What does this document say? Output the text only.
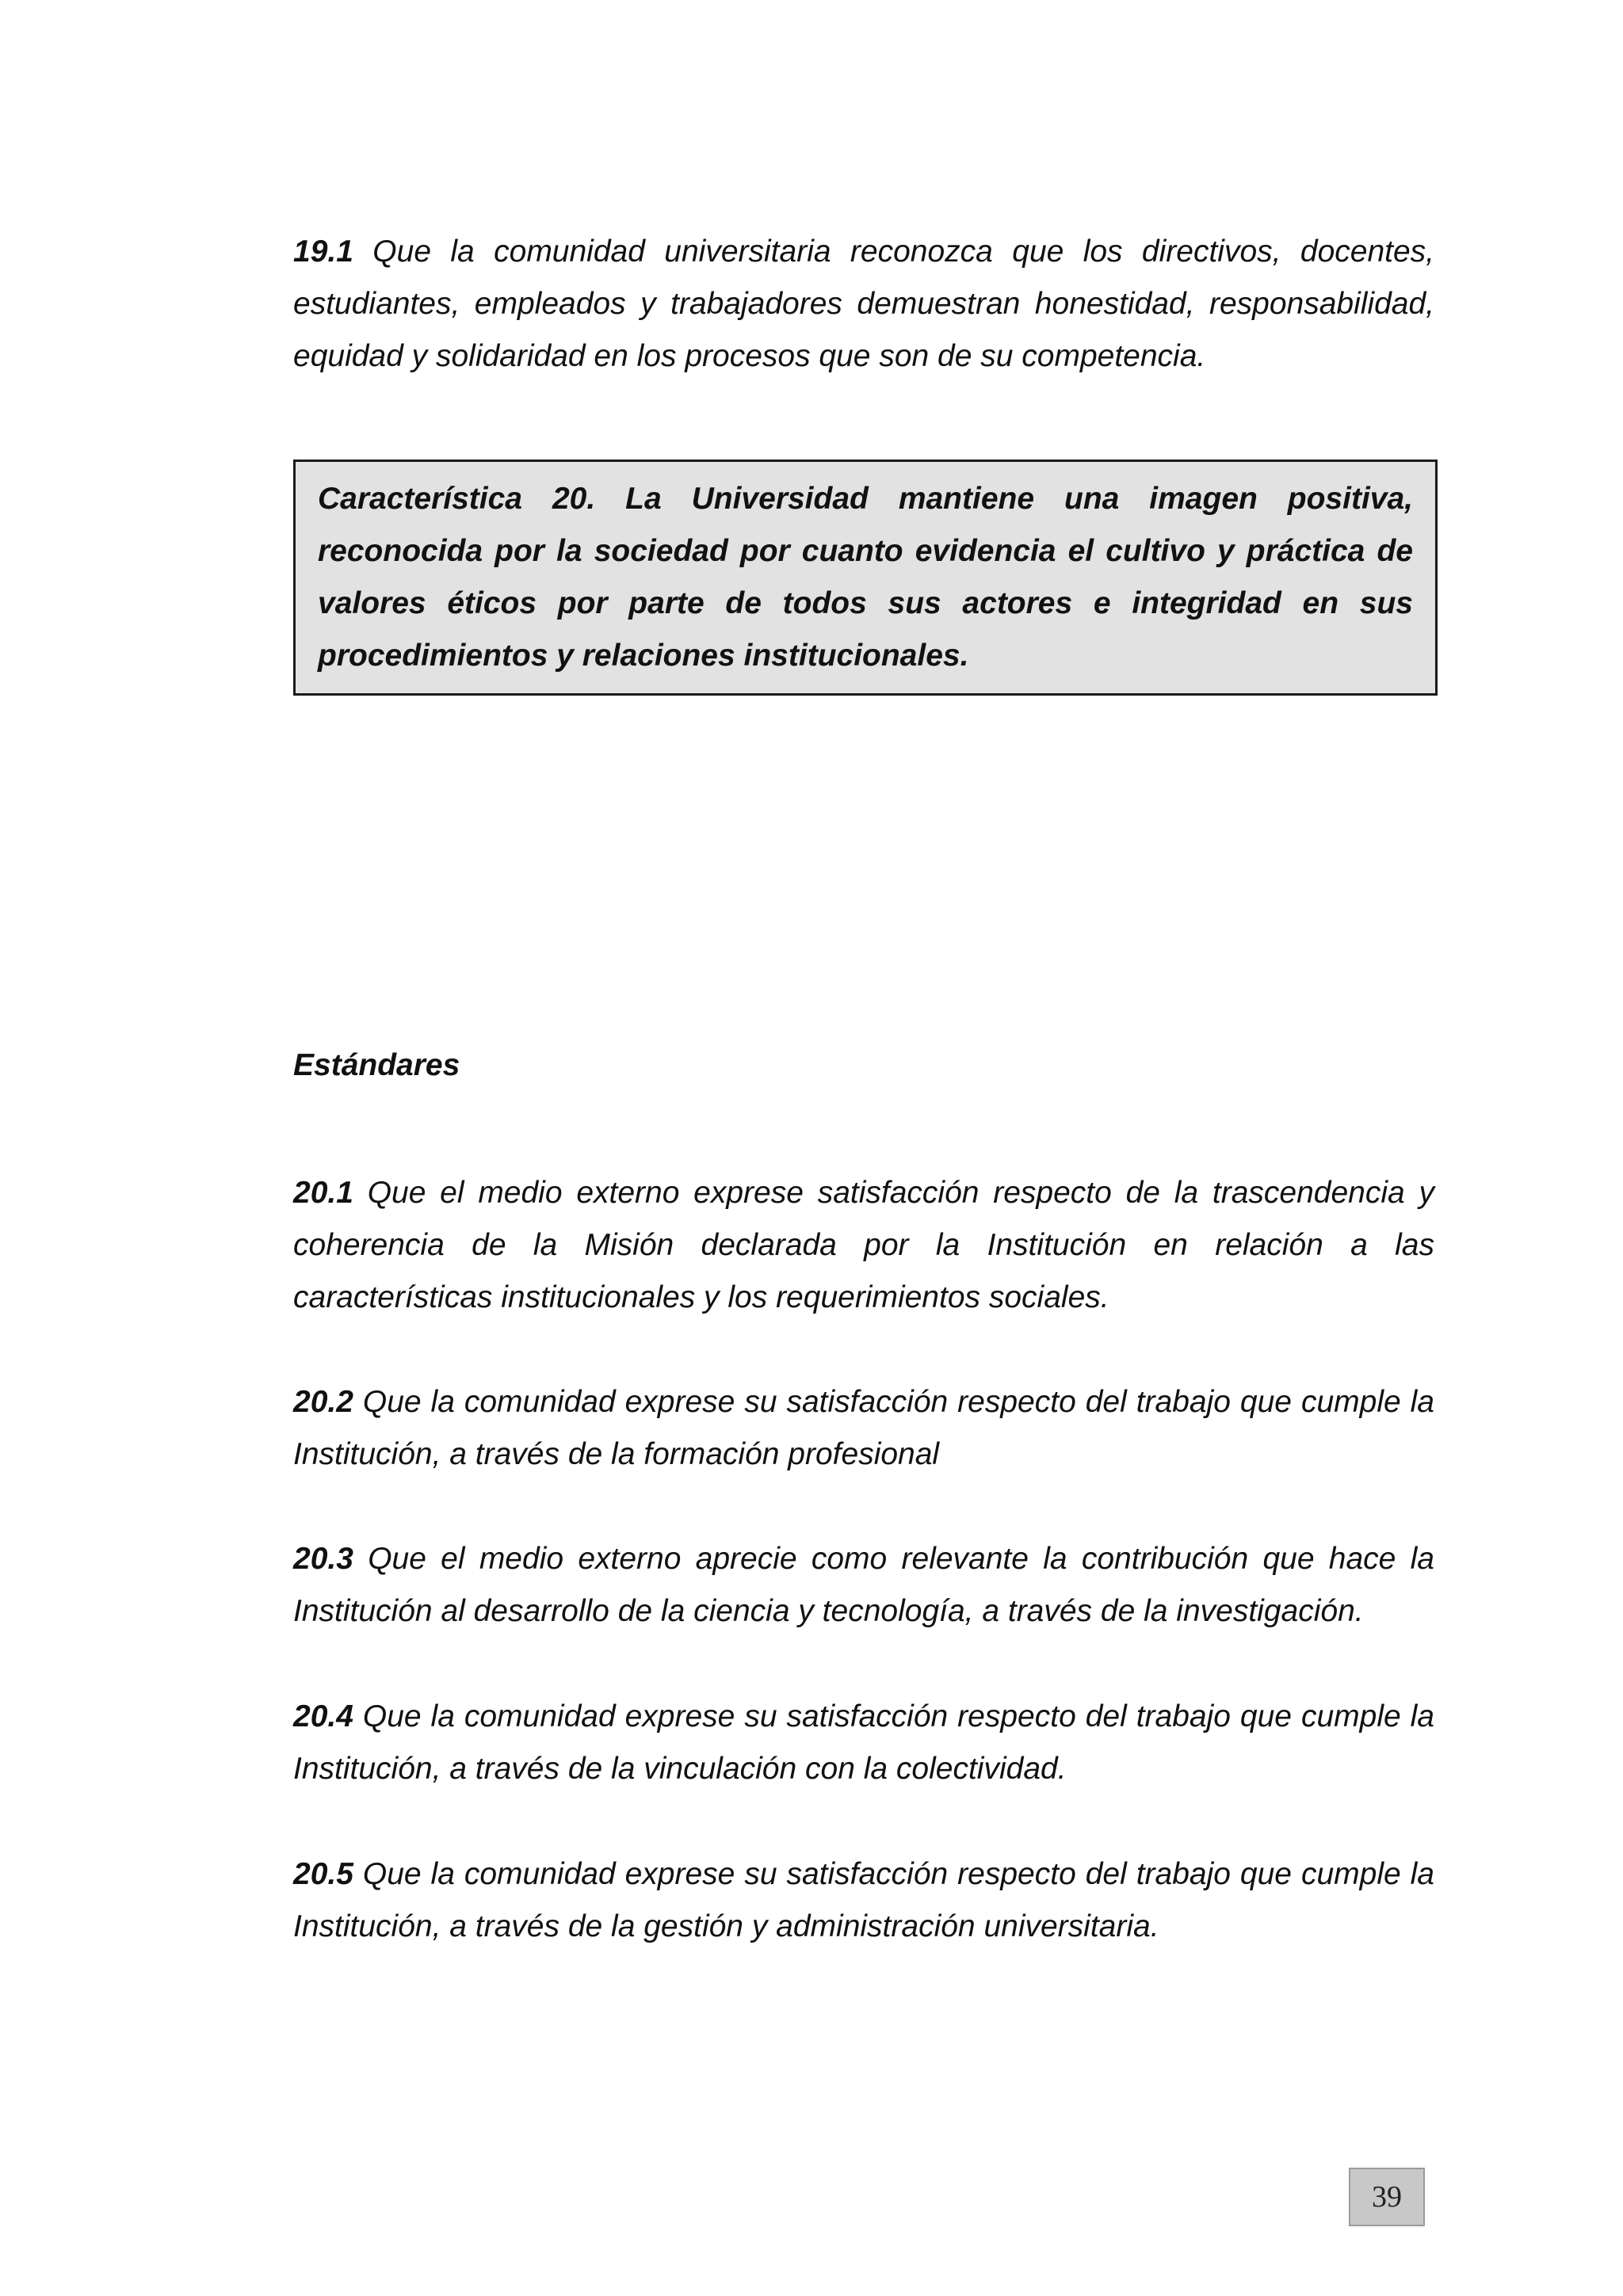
19.1 Que la comunidad universitaria reconozca que los directivos, docentes, estudiantes, empleados y trabajadores demuestran honestidad, responsabilidad, equidad y solidaridad en los procesos que son de su competencia.

Característica 20. La Universidad mantiene una imagen positiva, reconocida por la sociedad por cuanto evidencia el cultivo y práctica de valores éticos por parte de todos sus actores e integridad en sus procedimientos y relaciones institucionales.

Estándares

20.1 Que el medio externo exprese satisfacción respecto de la trascendencia y coherencia de la Misión declarada por la Institución en relación a las características institucionales y los requerimientos sociales.

20.2 Que la comunidad exprese su satisfacción respecto del trabajo que cumple la Institución, a través de la formación profesional

20.3 Que el medio externo aprecie como relevante la contribución que hace la Institución al desarrollo de la ciencia y tecnología, a través de la investigación.

20.4 Que la comunidad exprese su satisfacción respecto del trabajo que cumple la Institución, a través de la vinculación con la colectividad.

20.5 Que la comunidad exprese su satisfacción respecto del trabajo que cumple la Institución, a través de la gestión y administración universitaria.

39
